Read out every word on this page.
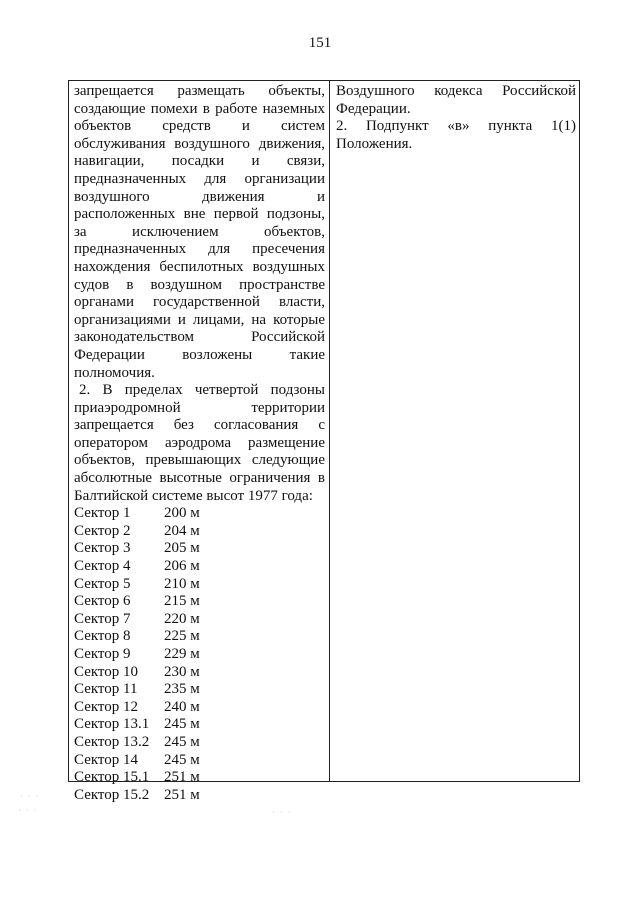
151

запрещается размещать объекты, создающие помехи в работе наземных объектов средств и систем обслуживания воздушного движения, навигации, посадки и связи, предназначенных для организации воздушного движения и расположенных вне первой подзоны, за исключением объектов, предназначенных для пресечения нахождения беспилотных воздушных судов в воздушном пространстве органами государственной власти, организациями и лицами, на которые законодательством Российской Федерации возложены такие полномочия.

2. В пределах четвертой подзоны приаэродромной территории запрещается без согласования с оператором аэродрома размещение объектов, превышающих следующие абсолютные высотные ограничения в Балтийской системе высот 1977 года:

Сектор 1	200 м
Сектор 2	204 м
Сектор 3	205 м
Сектор 4	206 м
Сектор 5	210 м
Сектор 6	215 м
Сектор 7	220 м
Сектор 8	225 м
Сектор 9	229 м
Сектор 10	230 м
Сектор 11	235 м
Сектор 12	240 м
Сектор 13.1 245 м
Сектор 13.2 245 м
Сектор 14	245 м
Сектор 15.1 251 м
Сектор 15.2 251 м

Воздушного кодекса Российской Федерации.

2. Подпункт «в» пункта 1(1) Положения.

· · ·
· · ·	· · ·
